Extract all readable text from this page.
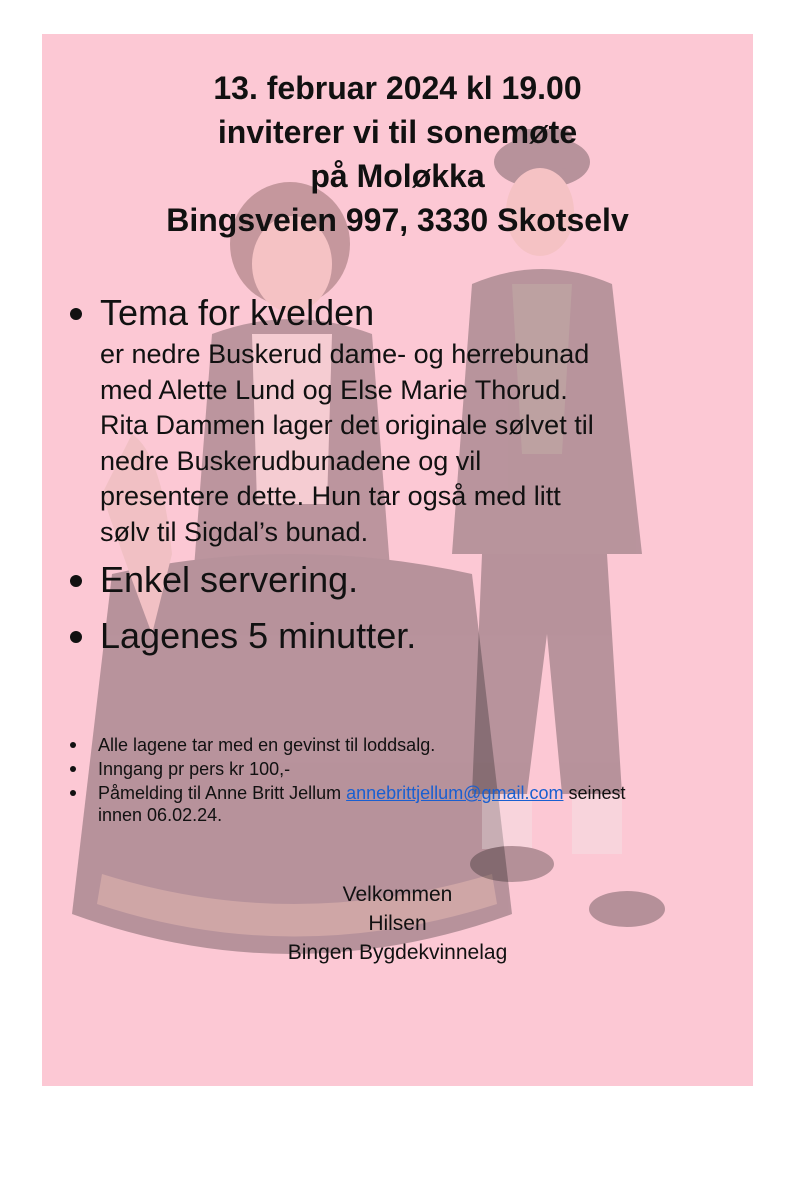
13. februar 2024 kl 19.00
inviterer vi til sonemøte
på Moløkka
Bingsveien 997, 3330 Skotselv
Tema for kvelden
er nedre Buskerud dame- og herrebunad
med Alette Lund og Else Marie Thorud.
Rita Dammen lager det originale sølvet til
nedre Buskerudbunadene og vil
presentere dette. Hun tar også med litt
sølv til Sigdal’s bunad.
Enkel servering.
Lagenes 5 minutter.
Alle lagene tar med en gevinst til loddsalg.
Inngang pr pers kr 100,-
Påmelding til Anne Britt Jellum annebrittjellum@gmail.com seinest
innen 06.02.24.
Velkommen
Hilsen
Bingen Bygdekvinnelag
